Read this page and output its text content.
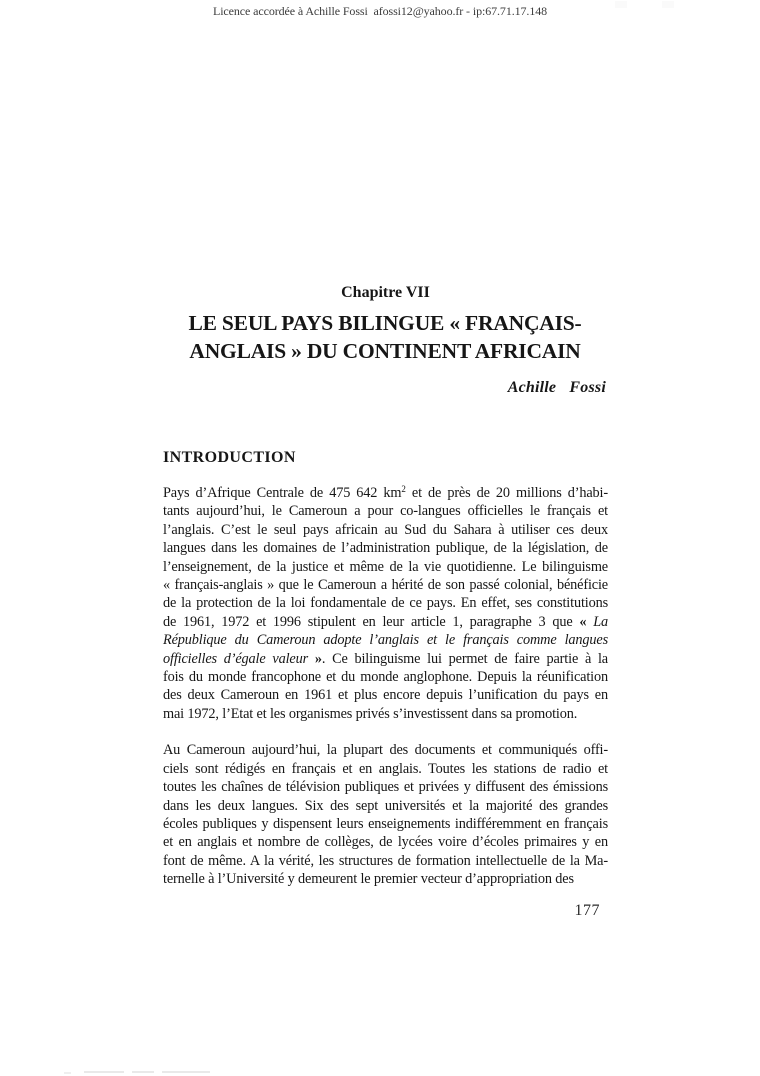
Licence accordée à Achille Fossi  afossi12@yahoo.fr - ip:67.71.17.148
Chapitre VII
LE SEUL PAYS BILINGUE « FRANÇAIS-
ANGLAIS » DU CONTINENT AFRICAIN
Achille Fossi
INTRODUCTION
Pays d’Afrique Centrale de 475 642 $km^2$ et de près de 20 millions d’habi-
tants aujourd’hui, le Cameroun a pour co-langues officielles le français et
l’anglais. C’est le seul pays africain au Sud du Sahara à utiliser ces deux
langues dans les domaines de l’administration publique, de la législation, de
l’enseignement, de la justice et même de la vie quotidienne. Le bilinguisme
« français-anglais » que le Cameroun a hérité de son passé colonial, bénéficie
de la protection de la loi fondamentale de ce pays. En effet, ses constitutions
de 1961, 1972 et 1996 stipulent en leur article 1, paragraphe 3 que « La
République du Cameroun adopte l’anglais et le français comme langues
officielles d’égale valeur ». Ce bilinguisme lui permet de faire partie à la
fois du monde francophone et du monde anglophone. Depuis la réunification
des deux Cameroun en 1961 et plus encore depuis l’unification du pays en
mai 1972, l’Etat et les organismes privés s’investissent dans sa promotion.
Au Cameroun aujourd’hui, la plupart des documents et communiqués offi-
ciels sont rédigés en français et en anglais. Toutes les stations de radio et
toutes les chaînes de télévision publiques et privées y diffusent des émissions
dans les deux langues. Six des sept universités et la majorité des grandes
écoles publiques y dispensent leurs enseignements indifféremment en français
et en anglais et nombre de collèges, de lycées voire d’écoles primaires y en
font de même. A la vérité, les structures de formation intellectuelle de la Ma-
ternelle à l’Université y demeurent le premier vecteur d’appropriation des
177
